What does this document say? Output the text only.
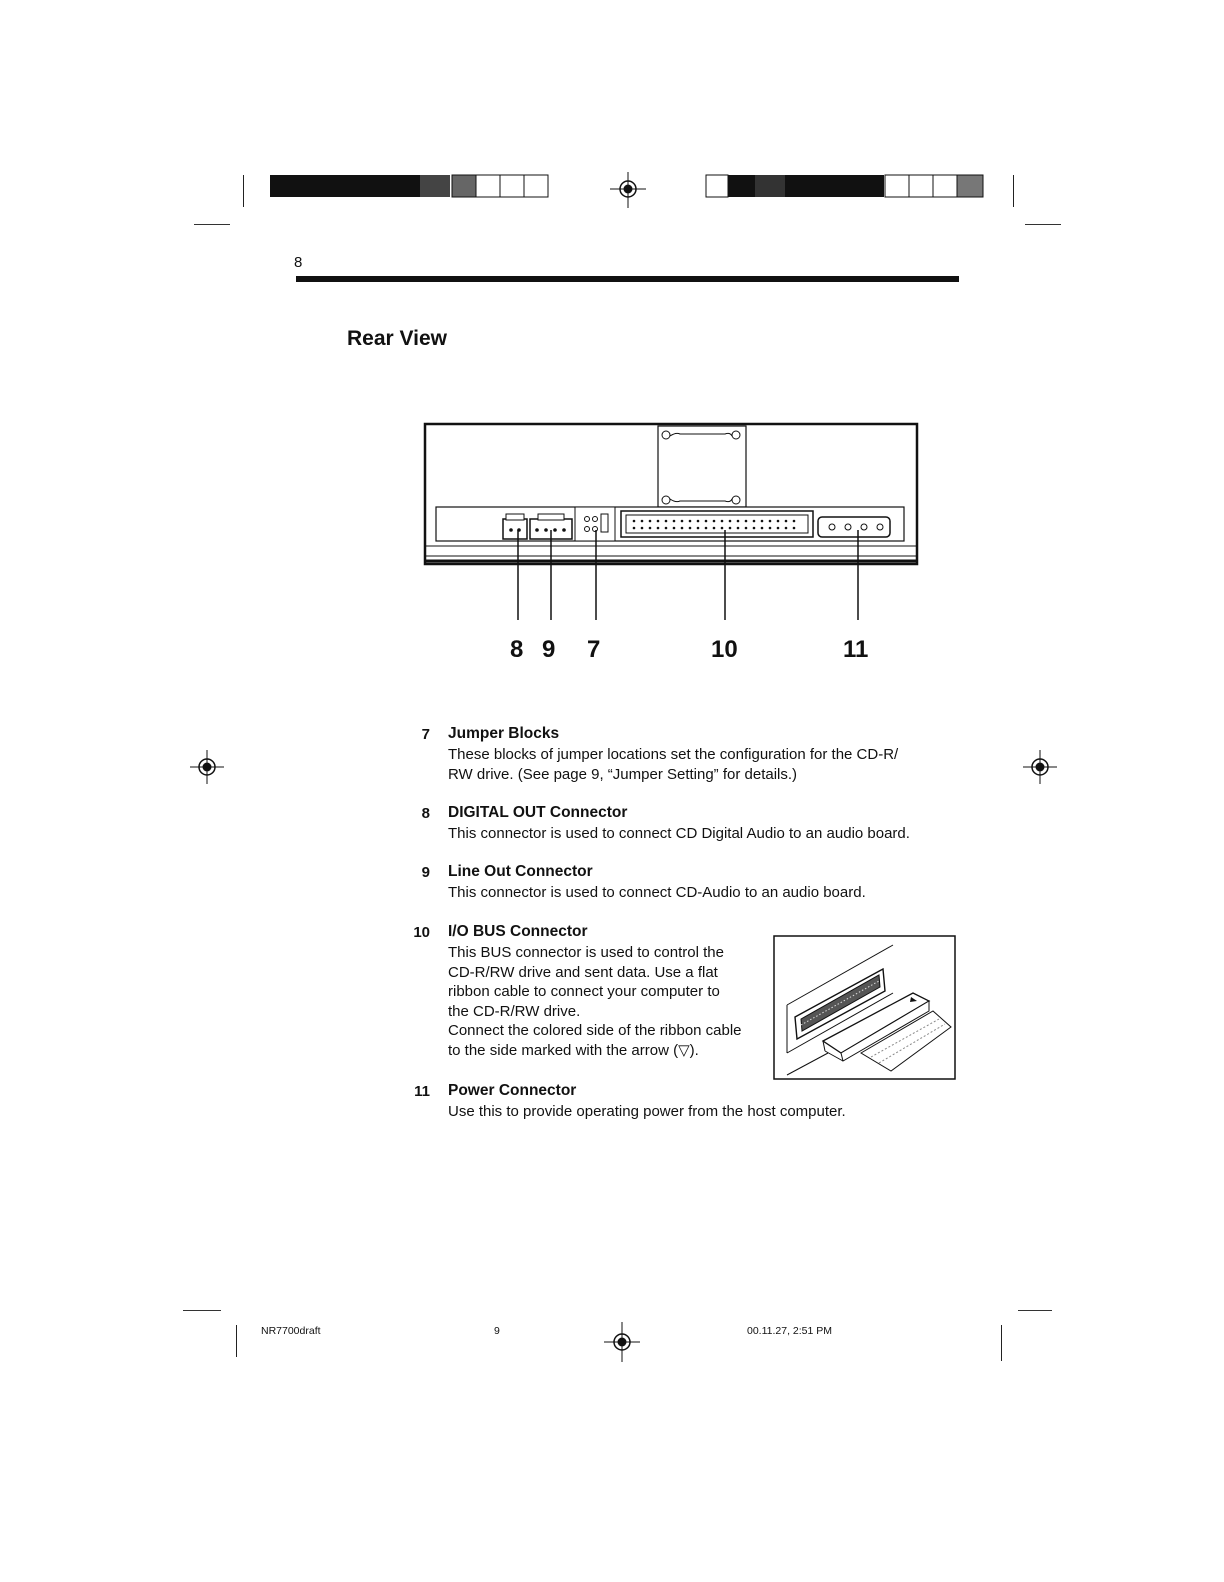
8
Rear View
8 9 7	10	11
7 Jumper Blocks
These blocks of jumper locations set the configuration for the CD-R/
RW drive. (See page 9, “Jumper Setting” for details.)
8 DIGITAL OUT Connector
This connector is used to connect CD Digital Audio to an audio board.
9 Line Out Connector
This connector is used to connect CD-Audio to an audio board.
10 I/O BUS Connector
This BUS connector is used to control the
CD-R/RW drive and sent data. Use a flat
ribbon cable to connect your computer to
the CD-R/RW drive.
Connect the colored side of the ribbon cable
to the side marked with the arrow (▽).
11 Power Connector
Use this to provide operating power from the host computer.
NR7700draft	9	00.11.27, 2:51 PM
